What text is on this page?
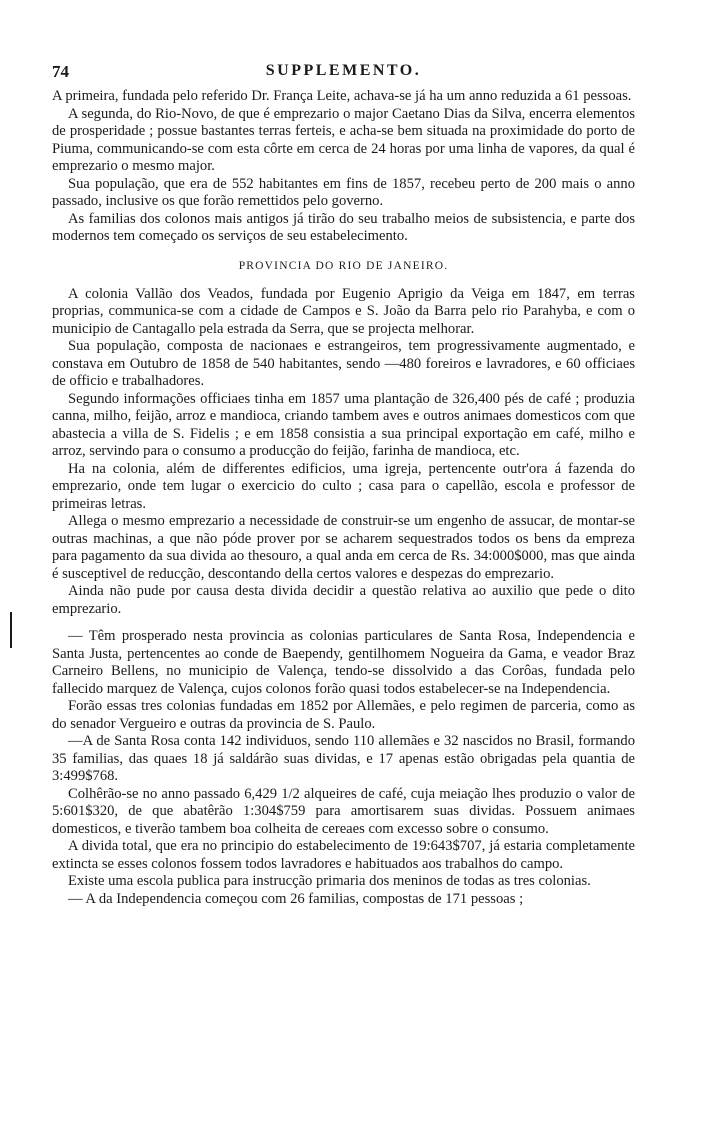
74	SUPPLEMENTO.

A primeira, fundada pelo referido Dr. França Leite, achava-se já ha um anno reduzida a 61 pessoas.

A segunda, do Rio-Novo, de que é emprezario o major Caetano Dias da Silva, encerra elementos de prosperidade ; possue bastantes terras ferteis, e acha-se bem situada na proximidade do porto de Piuma, communicando-se com esta côrte em cerca de 24 horas por uma linha de vapores, da qual é emprezario o mesmo major.

Sua população, que era de 552 habitantes em fins de 1857, recebeu perto de 200 mais o anno passado, inclusive os que forão remettidos pelo governo.

As familias dos colonos mais antigos já tirão do seu trabalho meios de subsistencia, e parte dos modernos tem começado os serviços de seu estabelecimento.

PROVINCIA DO RIO DE JANEIRO.

A colonia Vallão dos Veados, fundada por Eugenio Aprigio da Veiga em 1847, em terras proprias, communica-se com a cidade de Campos e S. João da Barra pelo rio Parahyba, e com o municipio de Cantagallo pela estrada da Serra, que se projecta melhorar.

Sua população, composta de nacionaes e estrangeiros, tem progressivamente augmentado, e constava em Outubro de 1858 de 540 habitantes, sendo —480 foreiros e lavradores, e 60 officiaes de officio e trabalhadores.

Segundo informações officiaes tinha em 1857 uma plantação de 326,400 pés de café ; produzia canna, milho, feijão, arroz e mandioca, criando tambem aves e outros animaes domesticos com que abastecia a villa de S. Fidelis ; e em 1858 consistia a sua principal exportação em café, milho e arroz, servindo para o consumo a producção do feijão, farinha de mandioca, etc.

Ha na colonia, além de differentes edificios, uma igreja, pertencente outr'ora á fazenda do emprezario, onde tem lugar o exercicio do culto ; casa para o capellão, escola e professor de primeiras letras.

Allega o mesmo emprezario a necessidade de construir-se um engenho de assucar, de montar-se outras machinas, a que não póde prover por se acharem sequestrados todos os bens da empreza para pagamento da sua divida ao thesouro, a qual anda em cerca de Rs. 34:000$000, mas que ainda é susceptivel de reducção, descontando della certos valores e despezas do emprezario.

Ainda não pude por causa desta divida decidir a questão relativa ao auxilio que pede o dito emprezario.

— Têm prosperado nesta provincia as colonias particulares de Santa Rosa, Independencia e Santa Justa, pertencentes ao conde de Baependy, gentilhomem Nogueira da Gama, e veador Braz Carneiro Bellens, no municipio de Valença, tendo-se dissolvido a das Corôas, fundada pelo fallecido marquez de Valença, cujos colonos forão quasi todos estabelecer-se na Independencia.

Forão essas tres colonias fundadas em 1852 por Allemães, e pelo regimen de parceria, como as do senador Vergueiro e outras da provincia de S. Paulo.

—A de Santa Rosa conta 142 individuos, sendo 110 allemães e 32 nascidos no Brasil, formando 35 familias, das quaes 18 já saldárão suas dividas, e 17 apenas estão obrigadas pela quantia de 3:499$768.

Colhêrão-se no anno passado 6,429 1/2 alqueires de café, cuja meiação lhes produzio o valor de 5:601$320, de que abatêrão 1:304$759 para amortisarem suas dividas. Possuem animaes domesticos, e tiverão tambem boa colheita de cereaes com excesso sobre o consumo.

A divida total, que era no principio do estabelecimento de 19:643$707, já estaria completamente extincta se esses colonos fossem todos lavradores e habituados aos trabalhos do campo.

Existe uma escola publica para instrucção primaria dos meninos de todas as tres colonias.

— A da Independencia começou com 26 familias, compostas de 171 pessoas ;
